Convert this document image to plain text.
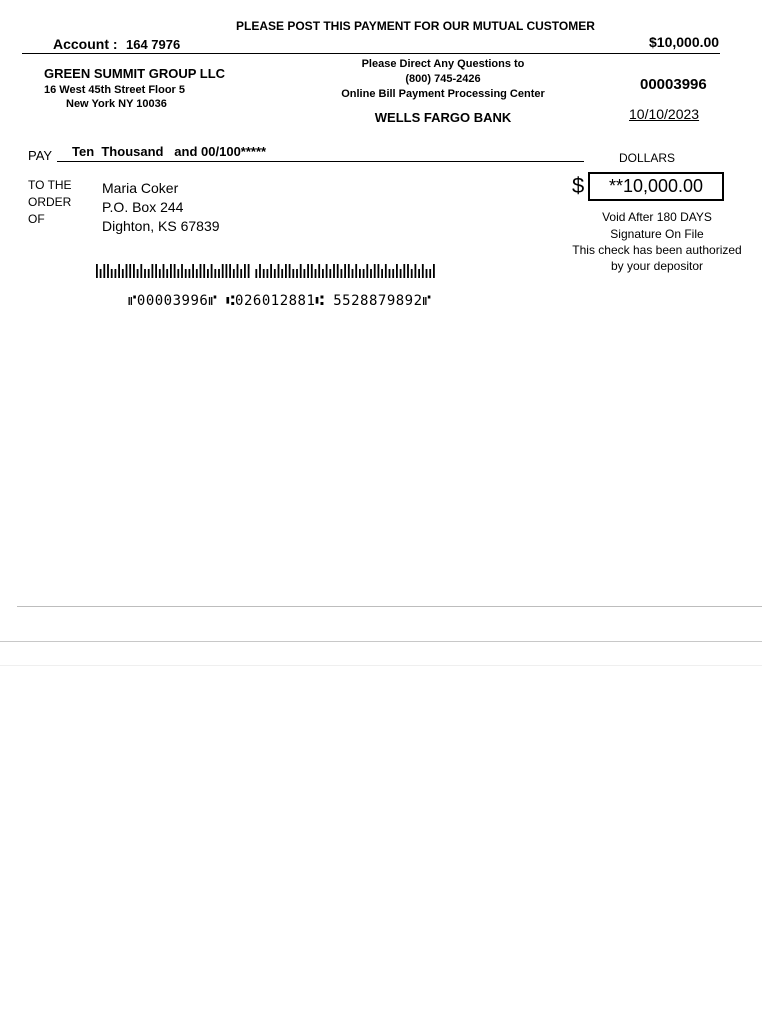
PLEASE POST THIS PAYMENT FOR OUR MUTUAL CUSTOMER
Account : 164 7976	$10,000.00
GREEN SUMMIT GROUP LLC
16 West 45th Street Floor 5
New York NY 10036
Please Direct Any Questions to
(800) 745-2426
Online Bill Payment Processing Center
WELLS FARGO BANK
00003996
10/10/2023
PAY Ten  Thousand   and 00/100*****	DOLLARS
TO THE ORDER OF
Maria Coker
P.O. Box 244
Dighton, KS 67839
$	**10,000.00
Void After 180 DAYS
Signature On File
This check has been authorized
by your depositor
⑈00003996⑈ ⑆026012881⑆ 5528879892⑈
